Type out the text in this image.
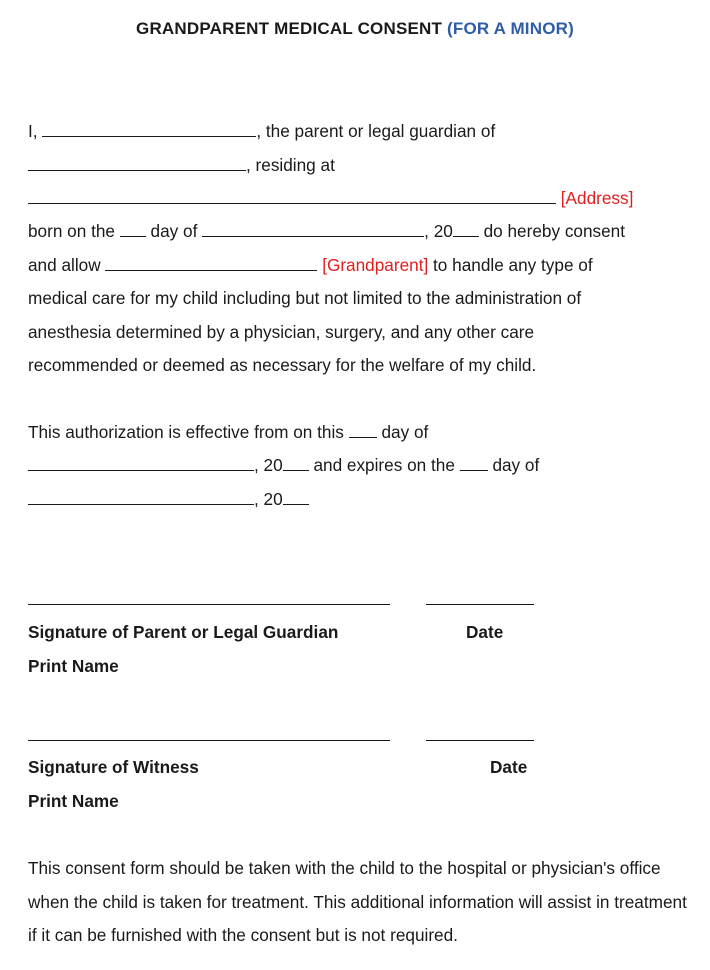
GRANDPARENT MEDICAL CONSENT (FOR A MINOR)
I,	, the parent or legal guardian of
, residing at
[Address]
born on the day of	, 20 do hereby consent
and allow	[Grandparent] to handle any type of
medical care for my child including but not limited to the administration of
anesthesia determined by a physician, surgery, and any other care
recommended or deemed as necessary for the welfare of my child.
This authorization is effective from on this day of
, 20 and expires on the day of
, 20
Signature of Parent or Legal Guardian	Date
Print Name
Signature of Witness	Date
Print Name
This consent form should be taken with the child to the hospital or physician's office when the child is taken for treatment. This additional information will assist in treatment if it can be furnished with the consent but is not required.
